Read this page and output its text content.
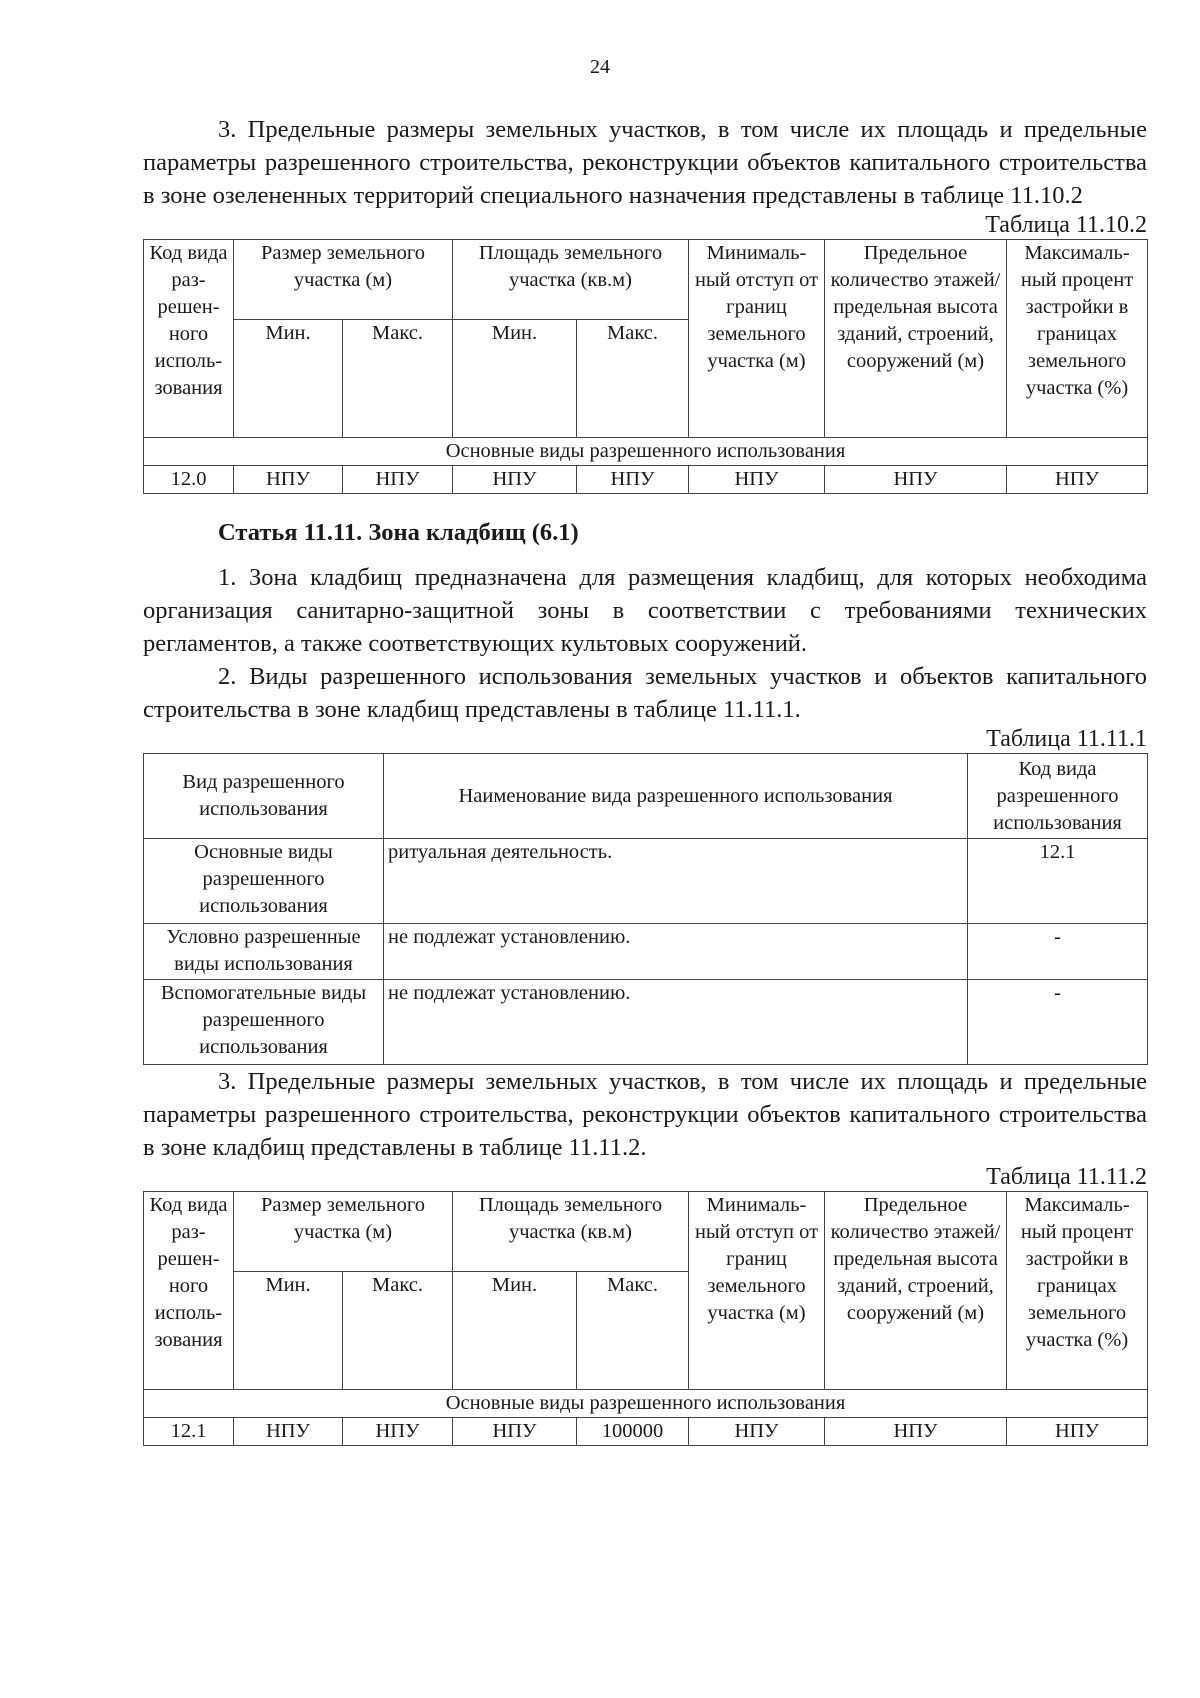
24

3. Предельные размеры земельных участков, в том числе их площадь и предельные параметры разрешенного строительства, реконструкции объектов капитального строительства в зоне озелененных территорий специального назначения представлены в таблице 11.10.2

Таблица 11.10.2
Код вида раз-решен-ного исполь-зования	Размер земельного участка (м)		Площадь земельного участка (кв.м)		Минималь-ный отступ от границ земельного участка (м)	Предельное количество этажей/ предельная высота зданий, строений, сооружений (м)	Максималь-ный процент застройки в границах земельного участка (%)
	Мин.	Макс.	Мин.	Макс.			
Основные виды разрешенного использования							
12.0	НПУ	НПУ	НПУ	НПУ	НПУ	НПУ	НПУ
Статья 11.11. Зона кладбищ (6.1)

1. Зона кладбищ предназначена для размещения кладбищ, для которых необходима организация санитарно-защитной зоны в соответствии с требованиями технических регламентов, а также соответствующих культовых сооружений.

2. Виды разрешенного использования земельных участков и объектов капитального строительства в зоне кладбищ представлены в таблице 11.11.1.

Таблица 11.11.1
Вид разрешенного использования	Наименование вида разрешенного использования	Код вида разрешенного использования
Основные виды разрешенного использования	ритуальная деятельность.	12.1
Условно разрешенные виды использования	не подлежат установлению.	-
Вспомогательные виды разрешенного использования	не подлежат установлению.	-

3. Предельные размеры земельных участков, в том числе их площадь и предельные параметры разрешенного строительства, реконструкции объектов капитального строительства в зоне кладбищ представлены в таблице 11.11.2.

Таблица 11.11.2
Код вида раз-решен-ного исполь-зования	Размер земельного участка (м)		Площадь земельного участка (кв.м)		Минималь-ный отступ от границ земельного участка (м)	Предельное количество этажей/ предельная высота зданий, строений, сооружений (м)	Максималь-ный процент застройки в границах земельного участка (%)
	Мин.	Макс.	Мин.	Макс.			
Основные виды разрешенного использования							
12.1	НПУ	НПУ	НПУ	100000	НПУ	НПУ	НПУ
